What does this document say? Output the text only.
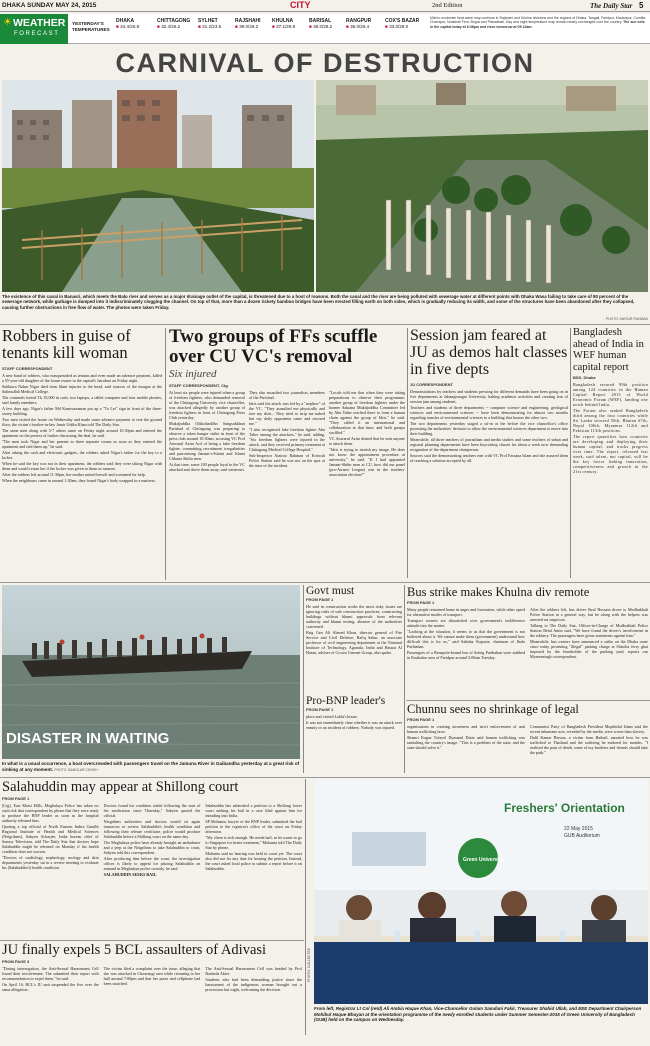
DHAKA SUNDAY MAY 24, 2015	CITY	2nd Edition	The Daily Star 5
☀ WEATHER
FORECAST
YESTERDAY'S TEMPERATURES
DHAKA
■ 34.4/26.8
CHITTAGONG
■ 32.4/26.2
SYLHET
■ 31.2/23.5
RAJSHAHI
■ 39.0/28.2
KHULNA
■ 37.1/28.8
BARISAL
■ 36.0/28.2
RANGPUR
■ 35.0/26.4
COX'S BAZAR
■ 33.0/28.0
Mild to moderate heat wave may continue in Rajshahi and Khulna divisions and the regions of Dhaka, Tangail, Faridpur, Madaripur, Comilla, Chandpur, Noakhali Feni, Bogra and Patuakhali. Day and night temperature may remain nearly unchanged over the country. The sun sets in the capital today at 6:36pm and rises tomorrow at 05:13am.
CARNIVAL OF DESTRUCTION
The existence of this canal in Banasri, which meets the Balu river and serves as a major drainage outlet of the capital, is threatened due to a host of reasons. Both the canal and the river are being polluted with sewerage water at different points with Dhaka Wasa failing to take care of 80 percent of the sewerage network, while garbage is dumped into it indiscriminately clogging the channel. On top of that, more than a dozen rickety bamboo bridges have been erected filling earth on both sides, which is gradually reducing its width, and some of the structures have been abandoned after they collapsed, causing further obstructions in free flow of water. The photos were taken Friday.
PHOTO: ANISUR RAHMAN
Robbers in guise of tenants kill woman
STAFF CORRESPONDENT

A new band of robbers, who masqueraded as tenants and even made an advance payment, killed a 55-year-old daughter of the house owner in the capital's Jatrabari on Friday night.

Sukhtara Nahar Nigar died from blunt injuries to the head, said sources of the morgue at the Salimullah Medical College.

The criminals looted Tk 35,000 in cash, two laptops, a tablet computer and four mobile phones, said family members.

A few days ago, Nigar's father Md Kamruzzaman put up a "To Let" sign in front of the three-storey building.

Two men visited the house on Wednesday and made some advance payment to rent the ground floor, the victim's brother-in-law Jamir Uddin Khan told The Daily Star.

The same men along with 5-7 others came on Friday night around 10:30pm and entered the apartment on the pretext of further discussing the deal, he said.

"The men took Nigar and her parents to three separate rooms as soon as they entered the apartment and tied them up," he said.

After taking the cash and electronic gadgets, the robbers asked Nigar's father for the key to a locker.

When he said the key was not in their apartment, the robbers said they were taking Nigar with them and would return her if the locker was given to them as ransom.

After the robbers left around 11:30pm, her mother untied herself and screamed for help.

When the neighbours came in around 1:30am, they found Nigar's body wrapped in a mattress.

Two groups of FFs scuffle over CU VC's removal
Six injured
STAFF CORRESPONDENT, Ctg

At least six people were injured when a group of freedom fighters, who demanded removal of the Chittagong University vice chancellor, was attacked allegedly by another group of freedom fighters in front of Chittagong Press Club yesterday.

Muktijoddha Oikkobaddho Sangsokkhon Parishad of Chittagong was preparing to observe a token hunger strike in front of the press club around 10:30am, accusing VC Prof Anwarul Azim Arif of being a fake freedom fighter, committing recruitment irregularities and patronising Jamaat-e-Islami and Islami Chhatra Shibir men.

At that time, some 100 people loyal to the VC attacked and drove them away, said witnesses. They also assaulted two journalists, members of the Parishad.

Idris said the attack was led by a "nephew" of the VC. "They assaulted me physically and tore my shirt... They tried to strip me naked but my daily opponents came and rescued me."

"I also recognised fake freedom fighter Abu Taher among the attackers," he said, adding, "Six freedom fighters were injured in the attack, and they received primary treatment at Chittagong Medical College Hospital."

Sub-Inspector Ataiour Rahman of Kotwali Police Station said he was not on the spot at the time of the incident.

"Locals told me that when they were taking preparations to observe their programme, another group of freedom fighters under the banner Sakrana Muktijoddha Committee led by Abu Taher reached there to form a human chain against the group of Idris," he said. "They called it an international and collaboration at that time, and both groups scuffled."

VC Anwarul Azim denied that he sent anyone to attack them.

"Idris is trying to tarnish my image. He does not know the appointment procedure at university," he said. "If I had appointed Jamaat-Shibir men at CU, how did our panel (pro-Awami League) win in the teachers' association election?"

Session jam feared at JU as demos halt classes in five depts
JU CORRESPONDENT

Demonstrations by teachers and students pressing for different demands have been going on in five departments at Jahangirnagar University, halting academic activities and creating fear of session jam among students.

Teachers and students of three departments -- computer science and engineering, geological sciences and environmental sciences -- have been demonstrating for almost two months regarding transfer of environmental sciences to a building that houses the other two.

The two departments yesterday staged a sit-in at the before the vice chancellor's office protesting the authorities' decision to allow the environmental sciences department to move into their building.

Meanwhile, all three teachers of journalism and media studies and some teachers of urban and regional planning departments have been boycotting classes for about a week now demanding resignation of the department chairperson.

Sources said the demonstrating teachers met with VC Prof Farzana Islam and she assured them of reaching a solution accepted by all.

Bangladesh ahead of India in WEF human capital report
BSS, Dhaka

Bangladesh secured 99th position among 124 countries in the Human Capital Report 2015 of World Economic Forum (WEF), landing one notch behind India.

The Forum also ranked Bangladesh third among the four countries while Sri Lanka secured 50th, Bhutan 67th, Nepal 106th, Myanmar 112th and Pakistan 113th positions.

The report quantifies how countries are developing and deploying their human capital, and tracks progress over time. The report, released last week, said talent, not capital, will be the key factor linking innovation, competitiveness and growth in the 21st century.

DISASTER IN WAITING
In what is a usual occurrence, a boat overcrowded with passengers travel on the Jamuna River in Gaibandha yesterday at a great risk of sinking at any moment. PHOTO: BANGLAR CHOKH
Govt must
FROM PAGE 1

He said in construction works the most risky issues are ignoring rules of safe construction practices; constructing buildings without bhumi approvals from relevant authority and bhumi testing; absence of the authorities concerned.

Brig Gen Ali Ahmed Khan, director general of Fire Service and Civil Defence, Rafiq Sabur, an associate professor of civil engineering department at the National Institute of Technology, Agartala, India and Hasnat Al Hasan, adviser of Crown Cement Group, also spoke.

Pro-BNP leader's
FROM PAGE 1

place and visited Lakhi's house.

It was not immediately clear whether it was an attack over enmity or an incident of robbery. Nobody was injured.

Bus strike makes Khulna div remote
FROM PAGE 1

Many people remained home in anger and frustration, while other opted for alternative modes of transport.

Transport owners are dissatisfied over government's indifference attitude into the matter.

"Looking at the situation, it seems to us that the government is not bothered about it. We cannot make them (government) understand how difficult this is for us," said Sahidur Kapasia, chairman of Jhalo Paribahan.

Passengers of a Benapole-bound bus of Soheg Paribahan were stabbed in Kaukahar area of Faridpur around 3:00am Tuesday.

After the robbers left, bus driver Sirul Hossain drove to Modhukhali Police Station in a general way, but he along with the helpers was arrested on suspicion.

Talking to The Daily Star, Officer-in-Charge of Modhukhali Police Station Belal Amin said, "We have found the driver's involvement in the robbery. The passengers have given statements against him."

Meanwhile, bus owners have announced a strike on the Dhaka route since today protesting "illegal" parking charge at Shirolia ferry ghat imposed by the leaseholder of the parking yard, reports our Mymensingh correspondent.

Chunnu sees no shrinkage of legal
FROM PAGE 1

organisations in creating awareness and strict enforcement of anti human trafficking laws.

Shamri Kagaz Tofayel Dyasmul Dutta said human trafficking was tarnishing the country's image. "This is a problem of the state, and the state should solve it."

Communist Party of Bangladesh President Mujahidul Islam said the recent inhumane acts, revealed by the media, were worse than slavery.

Dalil Kamar Biswas, a victim from Bathail, narrated how he was trafficked to Thailand and the suffering he endured for months. "I realised the pain of death, some of my brothers and friends should take the path."

Salahuddin may appear at Shillong court
FROM PAGE 1

[Ctg], East Khasi Hills, Meghalaya Police has taken no such risk that correspondent by phone that they were ready to produce the BNP leader as soon as the hospital authority released him.

Quoting a top official of North Eastern Indira Gandhi Regional Institute of Health and Medical Sciences (Neigrihms), Sabyen Acharjee, India bureau chief of Somoy Television, told The Daily Star that doctors hope Salahuddin might be released on Monday if his health condition does not worsen.

"Doctors of cardiology, nephrology, urology and skin departments yesterday sat in a review meeting to evaluate his [Salahuddin's] health condition.

Doctors found his condition stable following the start of his medication since Thursday," Sabyen quoted the official.

Neigrihms authorities and doctors would sit again tomorrow to review Salahuddin's health condition and following their release certificate, police would produce Salahuddin before a Shillong court on the same day.

The Meghalaya police have already brought an ambulance and a jeep at the Neigrihms to take Salahuddin to court, Sabyen told this correspondent.

After producing him before the court, the investigation officer is likely to appeal for placing Salahuddin on remand in Meghalaya police custody, he said.

SALAHUDDIN SEEKS BAIL

Salahuddin has submitted a petition to a Shillong lower court seeking his bail in a case filed against him for intruding into India.

SP Mohanta, lawyer of the BNP leader, submitted the bail petition to the registrar's office of the court on Friday afternoon.

"My client is sick enough. He needs bail, as he wants to go to Singapore for better treatment," Mohanta told The Daily Star by phone.

Mohanta said no hearing was held in court yet. The court also did not fix any date for hearing the petition. Instead, the court asked local police to submit a report before it on Salahuddin.

JU finally expels 5 BCL assaulters of Adivasi
FROM PAGE 3

"During interrogation, the Anti-Sexual Harassment Cell found their involvement. The submitted their report with recommendation to expel them," he said.

On April 16, BCL's JU unit suspended the five over the same allegation.

The victim filed a complaint over the issue, alleging that she was attacked in Chourangi area while returning to her hall around 7:00pm and that her purse and cellphone had been snatched.

The Anti-Sexual Harassment Cell was headed by Prof Rasheda Akter.

Students who had been demanding justice since the harassment of the indigenous woman brought out a procession last night, welcoming the decision.

PHOTO: COLLECTED
Freshers' Orientation
22 May 2015
GUB Auditorium
Green University
From left, Registrar Lt Col (retd) Ali Ambia Haque Khan, Vice-Chancellor Golam Samdani Fakir, Treasurer Shahid Ullah, and EEE Department Chairperson Mohibul Haque Bhuyan at the orientation programme of the newly enrolled students under Summer Semester-2015 of Green University of Bangladesh (GUB) held on the campus on Wednesday.
